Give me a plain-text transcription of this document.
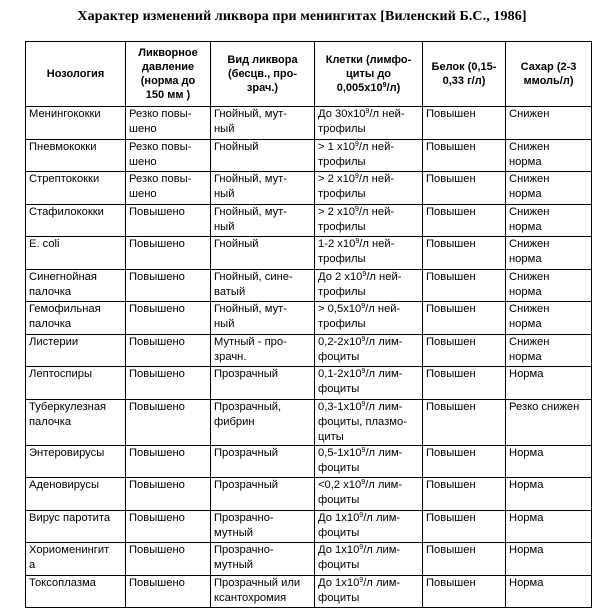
Характер изменений ликвора при менингитах [Виленский Б.С., 1986]
Нозология	Ликворное
давление
(норма до
150 мм )	Вид ликвора
(бесцв., про-
зрач.)	Клетки (лимфо-
циты до
$0,005x10^9/л$)	Белок (0,15-
0,33 г/л)	Сахар (2-3
ммоль/л)
Менингококки	Резко повы-
шено	Гнойный, мут-
ный	До $30x10^9/л$ ней-
трофилы	Повышен	Снижен

Пневмококки	Резко повы-
шено	Гнойный	> 1 $x10^9/л$ ней-
трофилы	Повышен	Снижен
норма
Стрептококки	Резко повы-
шено	Гнойный, мут-
ный	> 2 $x10^9/л$ ней-
трофилы	Повышен	Снижен
норма
Стафилококки	Повышено	Гнойный, мут-
ный	> 2 $x10^9/л$ ней-
трофилы	Повышен	Снижен
норма
E. coli	Повышено	Гнойный	1-2 $x10^9/л$ ней-
трофилы	Повышен	Снижен
норма
Синегнойная
палочка	Повышено	Гнойный, сине-
ватый	До 2 $x10^9/л$ ней-
трофилы	Повышен	Снижен
норма
Гемофильная
палочка	Повышено	Гнойный, мут-
ный	> $0,5x10^9/л$ ней-
трофилы	Повышен	Снижен
норма
Листерии	Повышено	Мутный - про-
зрачн.	$0,2-2x10^9/л$ лим-
фоциты	Повышен	Снижен
норма
Лептоспиры	Повышено	Прозрачный	$0,1-2x10^9/л$ лим-
фоциты	Повышен	Норма

Туберкулезная
палочка	Повышено	Прозрачный,
фибрин	$0,3-1x10^9/л$ лим-
фоциты, плазмо-
циты	Повышен	Резко снижен

Энтеровирусы	Повышено	Прозрачный	$0,5-1x10^9/л$ лим-
фоциты	Повышен	Норма

Аденовирусы	Повышено	Прозрачный	<0,2 $x10^9/л$ лим-
фоциты	Повышен	Норма

Вирус паротита	Повышено	Прозрачно-
мутный	До $1x10^9/л$ лим-
фоциты	Повышен	Норма

Хориоменингит
а	Повышено	Прозрачно-
мутный	До $1x10^9/л$ лим-
фоциты	Повышен	Норма

Токсоплазма	Повышено	Прозрачный или
ксантохромия	До $1x10^9/л$ лим-
фоциты	Повышен	Норма
